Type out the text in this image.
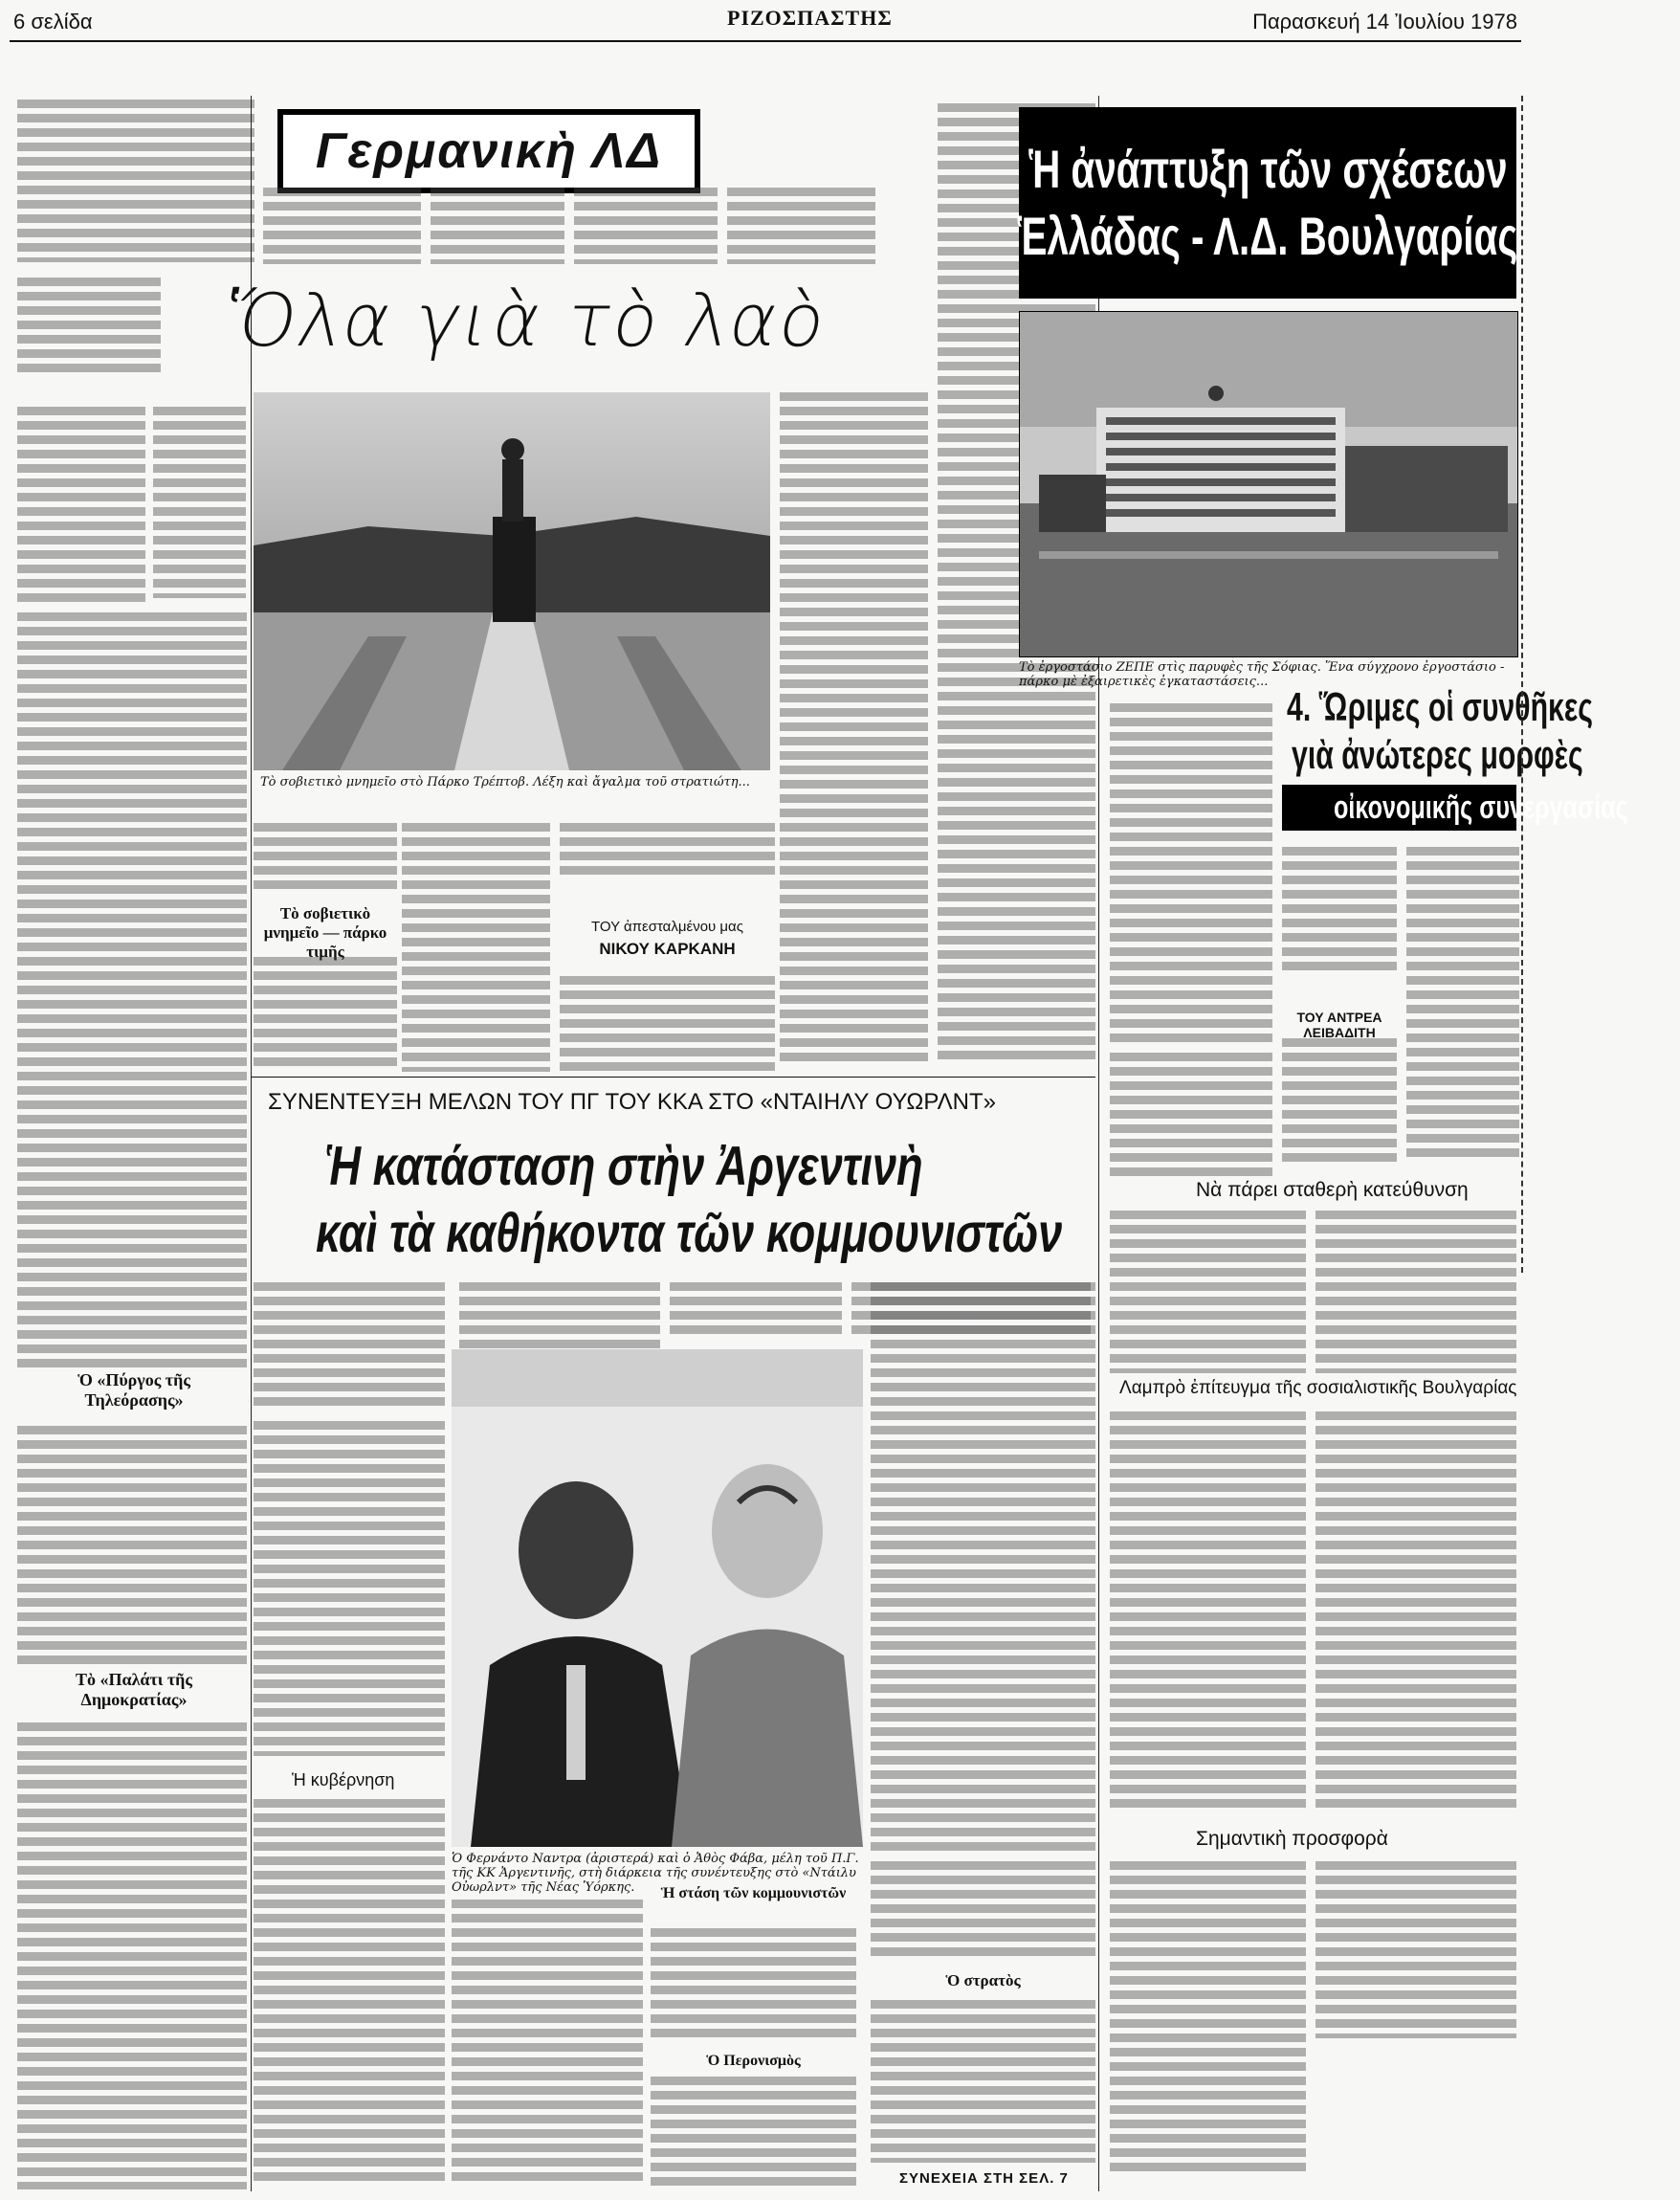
6 σελίδα	ΡΙΖΟΣΠΑΣΤΗΣ	Παρασκευή 14 Ἰουλίου 1978
Γερμανικὴ ΛΔ
Ὅλα γιὰ τὸ λαὸ
Ὁ «Πύργος τῆς Τηλεόρασης»
Τὸ «Παλάτι τῆς Δημοκρατίας»
Τὸ σοβιετικὸ μνημεῖο στὸ Πάρκο Τρέπτοβ. Λέξη καὶ ἄγαλμα τοῦ στρατιώτη...
Τὸ σοβιετικὸ μνημεῖο — πάρκο τιμῆς
ΤΟΥ ἀπεσταλμένου μας
ΝΙΚΟΥ ΚΑΡΚΑΝΗ
ΣΥΝΕΝΤΕΥΞΗ ΜΕΛΩΝ ΤΟΥ ΠΓ ΤΟΥ ΚΚΑ ΣΤΟ «ΝΤΑΙΗΛΥ ΟΥΩΡΛΝΤ»
Ἡ κατάσταση στὴν Ἀργεντινὴ
καὶ τὰ καθήκοντα τῶν κομμουνιστῶν
Ὁ Φερνάντο Ναντρα (ἀριστερά) καὶ ὁ Ἀθὸς Φάβα, μέλη τοῦ Π.Γ. τῆς ΚΚ Ἀργεντινῆς, στὴ διάρκεια τῆς συνέντευξης στὸ «Ντάιλυ Οὐωρλντ» τῆς Νέας Ὑόρκης.
Ἡ κυβέρνηση
Ἡ στάση τῶν κομμουνιστῶν
Ὁ Περονισμὸς
Ὁ στρατὸς
ΣΥΝΕΧΕΙΑ ΣΤΗ ΣΕΛ. 7
Ἡ ἀνάπτυξη τῶν σχέσεων
Ἑλλάδας - Λ.Δ. Βουλγαρίας
Τὸ ἐργοστάσιο ΖΕΠΕ στὶς παρυφὲς τῆς Σόφιας. Ἕνα σύγχρονο ἐργοστάσιο - πάρκο μὲ ἐξαιρετικὲς ἐγκαταστάσεις...
4. Ὥριμες οἱ συνθῆκες
γιὰ ἀνώτερες μορφὲς
οἰκονομικῆς συνεργασίας
ΤΟΥ ΑΝΤΡΕΑ ΛΕΙΒΑΔΙΤΗ
Νὰ πάρει σταθερὴ κατεύθυνση
Λαμπρὸ ἐπίτευγμα τῆς σοσιαλιστικῆς Βουλγαρίας
Σημαντικὴ προσφορὰ
